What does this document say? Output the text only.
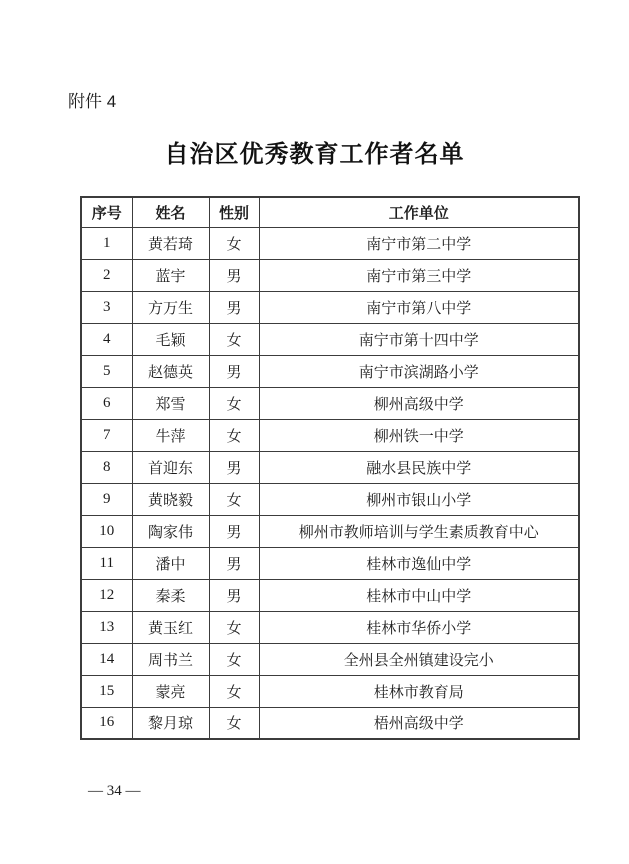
附件 4
自治区优秀教育工作者名单
序号	姓名	性别	工作单位
1	黄若琦	女	南宁市第二中学
2	蓝宇	男	南宁市第三中学
3	方万生	男	南宁市第八中学
4	毛颖	女	南宁市第十四中学
5	赵德英	男	南宁市滨湖路小学
6	郑雪	女	柳州高级中学
7	牛萍	女	柳州铁一中学
8	首迎东	男	融水县民族中学
9	黄晓毅	女	柳州市银山小学
10	陶家伟	男	柳州市教师培训与学生素质教育中心
11	潘中	男	桂林市逸仙中学
12	秦柔	男	桂林市中山中学
13	黄玉红	女	桂林市华侨小学
14	周书兰	女	全州县全州镇建设完小
15	蒙亮	女	桂林市教育局
16	黎月琼	女	梧州高级中学
— 34 —
